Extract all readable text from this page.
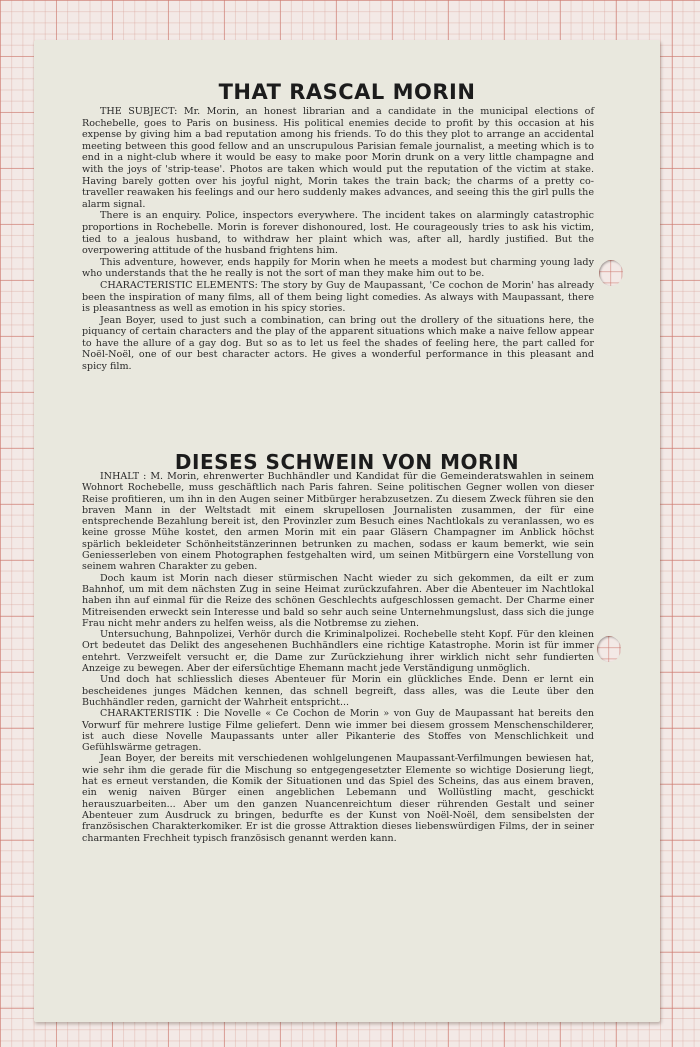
THAT RASCAL MORIN

THE SUBJECT: Mr. Morin, an honest librarian and a candidate in the municipal elections of Rochebelle, goes to Paris on business. His political enemies decide to profit by this occasion at his expense by giving him a bad reputation among his friends. To do this they plot to arrange an accidental meeting between this good fellow and an unscrupulous Parisian female journalist, a meeting which is to end in a night-club where it would be easy to make poor Morin drunk on a very little champagne and with the joys of 'strip-tease'. Photos are taken which would put the reputation of the victim at stake. Having barely gotten over his joyful night, Morin takes the train back; the charms of a pretty co-traveller reawaken his feelings and our hero suddenly makes advances, and seeing this the girl pulls the alarm signal.

There is an enquiry. Police, inspectors everywhere. The incident takes on alarmingly catastrophic proportions in Rochebelle. Morin is forever dishonoured, lost. He courageously tries to ask his victim, tied to a jealous husband, to withdraw her plaint which was, after all, hardly justified. But the overpowering attitude of the husband frightens him.

This adventure, however, ends happily for Morin when he meets a modest but charming young lady who understands that the he really is not the sort of man they make him out to be.

CHARACTERISTIC ELEMENTS: The story by Guy de Maupassant, 'Ce cochon de Morin' has already been the inspiration of many films, all of them being light comedies. As always with Maupassant, there is pleasantness as well as emotion in his spicy stories.

Jean Boyer, used to just such a combination, can bring out the drollery of the situations here, the piquancy of certain characters and the play of the apparent situations which make a naive fellow appear to have the allure of a gay dog. But so as to let us feel the shades of feeling here, the part called for Noël-Noël, one of our best character actors. He gives a wonderful performance in this pleasant and spicy film.

DIESES SCHWEIN VON MORIN

INHALT : M. Morin, ehrenwerter Buchhändler und Kandidat für die Gemeinderatswahlen in seinem Wohnort Rochebelle, muss geschäftlich nach Paris fahren. Seine politischen Gegner wollen von dieser Reise profitieren, um ihn in den Augen seiner Mitbürger herabzusetzen. Zu diesem Zweck führen sie den braven Mann in der Weltstadt mit einem skrupellosen Journalisten zusammen, der für eine entsprechende Bezahlung bereit ist, den Provinzler zum Besuch eines Nachtlokals zu veranlassen, wo es keine grosse Mühe kostet, den armen Morin mit ein paar Gläsern Champagner im Anblick höchst spärlich bekleideter Schönheitstänzerinnen betrunken zu machen, sodass er kaum bemerkt, wie sein Geniesserleben von einem Photographen festgehalten wird, um seinen Mitbürgern eine Vorstellung von seinem wahren Charakter zu geben.

Doch kaum ist Morin nach dieser stürmischen Nacht wieder zu sich gekommen, da eilt er zum Bahnhof, um mit dem nächsten Zug in seine Heimat zurückzufahren. Aber die Abenteuer im Nachtlokal haben ihn auf einmal für die Reize des schönen Geschlechts aufgeschlossen gemacht. Der Charme einer Mitreisenden erweckt sein Interesse und bald so sehr auch seine Unternehmungslust, dass sich die junge Frau nicht mehr anders zu helfen weiss, als die Notbremse zu ziehen.

Untersuchung, Bahnpolizei, Verhör durch die Kriminalpolizei. Rochebelle steht Kopf. Für den kleinen Ort bedeutet das Delikt des angesehenen Buchhändlers eine richtige Katastrophe. Morin ist für immer entehrt. Verzweifelt versucht er, die Dame zur Zurückziehung ihrer wirklich nicht sehr fundierten Anzeige zu bewegen. Aber der eifersüchtige Ehemann macht jede Verständigung unmöglich.

Und doch hat schliesslich dieses Abenteuer für Morin ein glückliches Ende. Denn er lernt ein bescheidenes junges Mädchen kennen, das schnell begreift, dass alles, was die Leute über den Buchhändler reden, garnicht der Wahrheit entspricht...

CHARAKTERISTIK : Die Novelle « Ce Cochon de Morin » von Guy de Maupassant hat bereits den Vorwurf für mehrere lustige Filme geliefert. Denn wie immer bei diesem grossem Menschenschilderer, ist auch diese Novelle Maupassants unter aller Pikanterie des Stoffes von Menschlichkeit und Gefühlswärme getragen.

Jean Boyer, der bereits mit verschiedenen wohlgelungenen Maupassant-Verfilmungen bewiesen hat, wie sehr ihm die gerade für die Mischung so entgegengesetzter Elemente so wichtige Dosierung liegt, hat es erneut verstanden, die Komik der Situationen und das Spiel des Scheins, das aus einem braven, ein wenig naiven Bürger einen angeblichen Lebemann und Wollüstling macht, geschickt herauszuarbeiten... Aber um den ganzen Nuancenreichtum dieser rührenden Gestalt und seiner Abenteuer zum Ausdruck zu bringen, bedurfte es der Kunst von Noël-Noël, dem sensibelsten der französischen Charakterkomiker. Er ist die grosse Attraktion dieses liebenswürdigen Films, der in seiner charmanten Frechheit typisch französisch genannt werden kann.
